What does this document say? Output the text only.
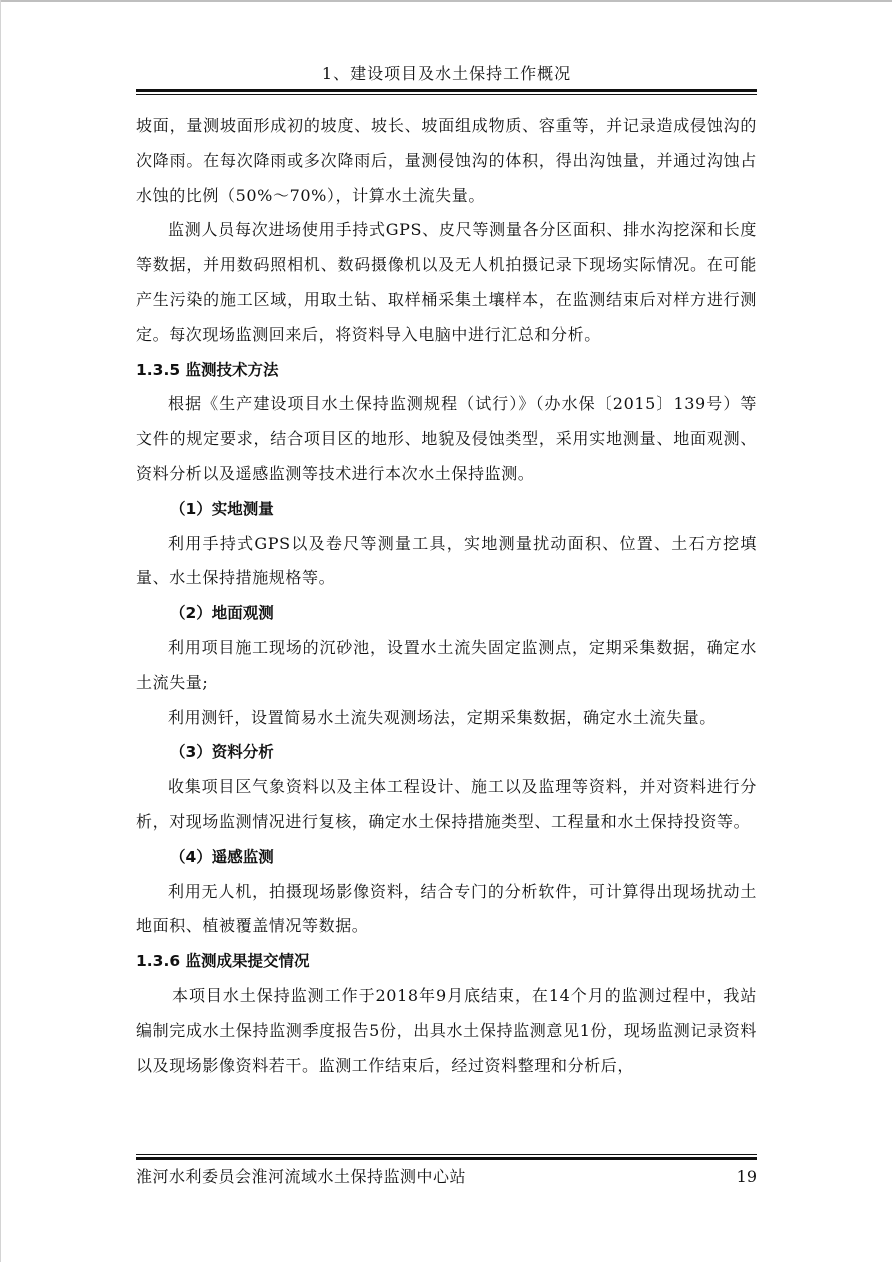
1、建设项目及水土保持工作概况

坡面，量测坡面形成初的坡度、坡长、坡面组成物质、容重等，并记录造成侵蚀沟的次降雨。在每次降雨或多次降雨后，量测侵蚀沟的体积，得出沟蚀量，并通过沟蚀占水蚀的比例（50%～70%），计算水土流失量。

监测人员每次进场使用手持式GPS、皮尺等测量各分区面积、排水沟挖深和长度等数据，并用数码照相机、数码摄像机以及无人机拍摄记录下现场实际情况。在可能产生污染的施工区域，用取土钻、取样桶采集土壤样本，在监测结束后对样方进行测定。每次现场监测回来后，将资料导入电脑中进行汇总和分析。

1.3.5 监测技术方法

根据《生产建设项目水土保持监测规程（试行）》（办水保〔2015〕139号）等文件的规定要求，结合项目区的地形、地貌及侵蚀类型，采用实地测量、地面观测、资料分析以及遥感监测等技术进行本次水土保持监测。

（1）实地测量

利用手持式GPS以及卷尺等测量工具，实地测量扰动面积、位置、土石方挖填量、水土保持措施规格等。

（2）地面观测

利用项目施工现场的沉砂池，设置水土流失固定监测点，定期采集数据，确定水土流失量;

利用测钎，设置简易水土流失观测场法，定期采集数据，确定水土流失量。

（3）资料分析

收集项目区气象资料以及主体工程设计、施工以及监理等资料，并对资料进行分析，对现场监测情况进行复核，确定水土保持措施类型、工程量和水土保持投资等。

（4）遥感监测

利用无人机，拍摄现场影像资料，结合专门的分析软件，可计算得出现场扰动土地面积、植被覆盖情况等数据。

1.3.6 监测成果提交情况

本项目水土保持监测工作于2018年9月底结束，在14个月的监测过程中，我站编制完成水土保持监测季度报告5份，出具水土保持监测意见1份，现场监测记录资料以及现场影像资料若干。监测工作结束后，经过资料整理和分析后，

淮河水利委员会淮河流域水土保持监测中心站	19
